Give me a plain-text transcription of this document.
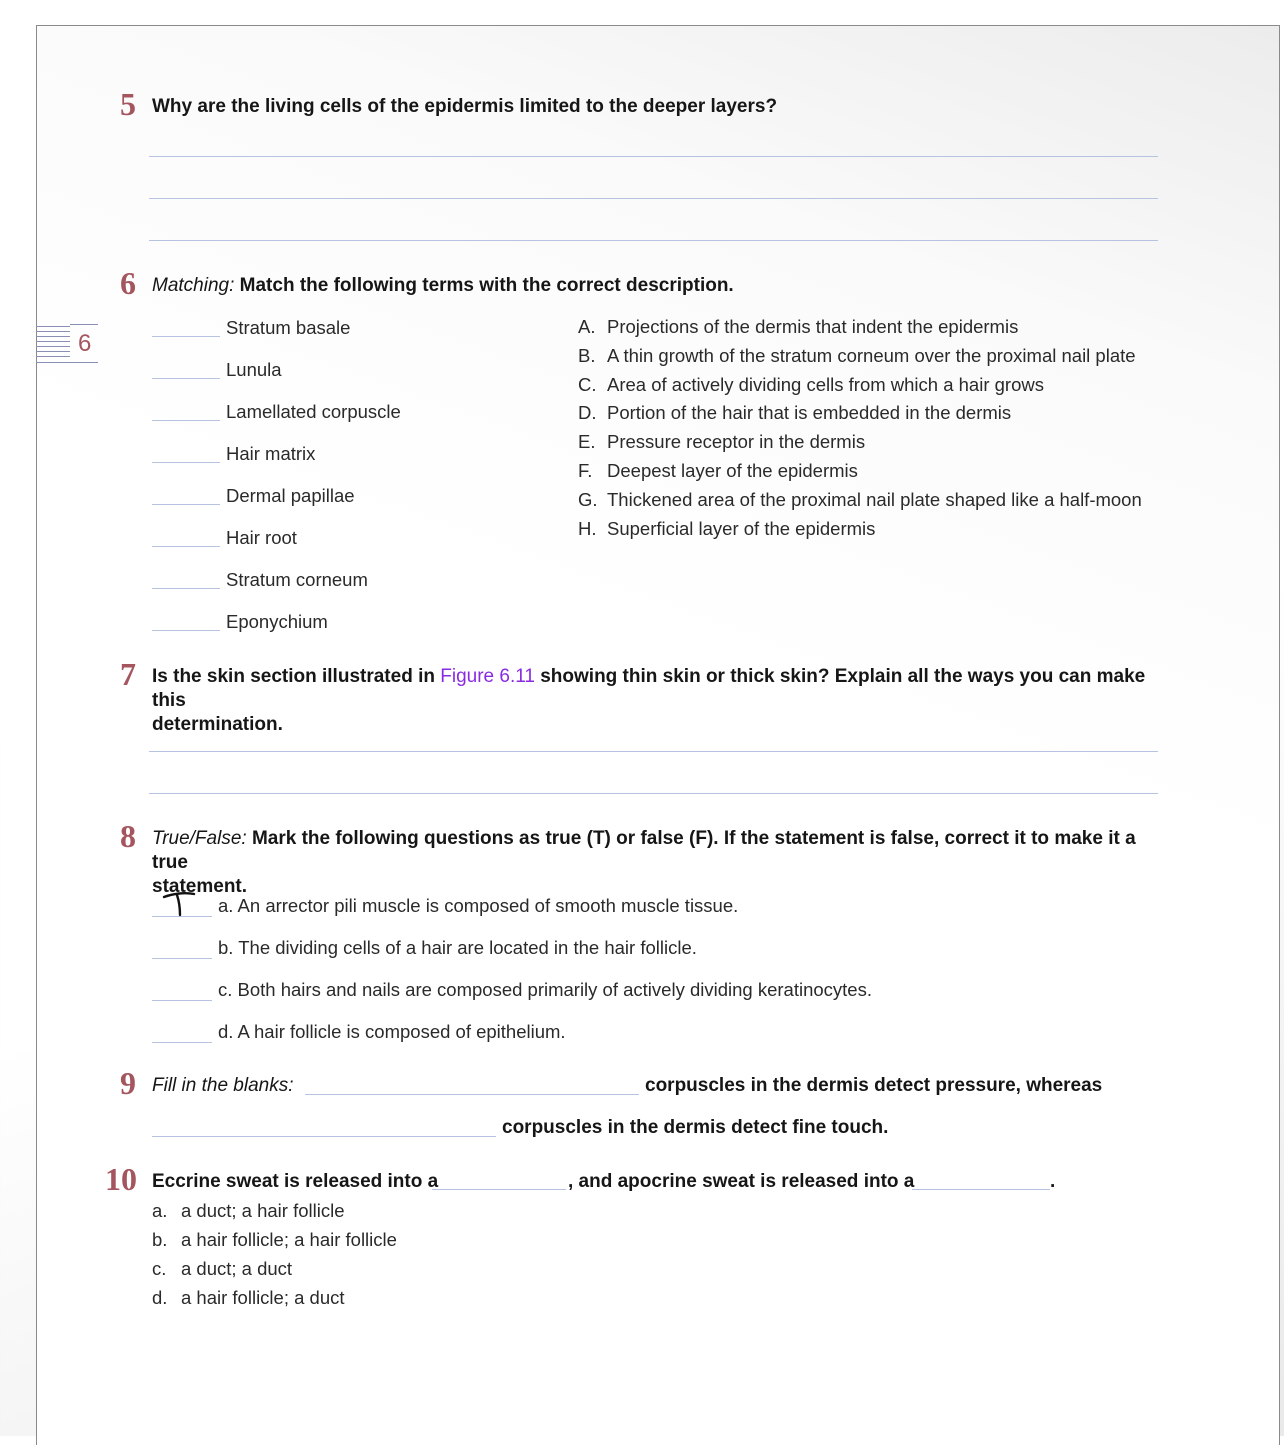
5 Why are the living cells of the epidermis limited to the deeper layers?
6 Matching: Match the following terms with the correct description.
6
Stratum basale
Lunula
Lamellated corpuscle
Hair matrix
Dermal papillae
Hair root
Stratum corneum
Eponychium
A. Projections of the dermis that indent the epidermis
B. A thin growth of the stratum corneum over the proximal nail plate
C. Area of actively dividing cells from which a hair grows
D. Portion of the hair that is embedded in the dermis
E. Pressure receptor in the dermis
F. Deepest layer of the epidermis
G. Thickened area of the proximal nail plate shaped like a half-moon
H. Superficial layer of the epidermis
7 Is the skin section illustrated in Figure 6.11 showing thin skin or thick skin? Explain all the ways you can make this
determination.
8 True/False: Mark the following questions as true (T) or false (F). If the statement is false, correct it to make it a true
statement.
a. An arrector pili muscle is composed of smooth muscle tissue.
b. The dividing cells of a hair are located in the hair follicle.
c. Both hairs and nails are composed primarily of actively dividing keratinocytes.
d. A hair follicle is composed of epithelium.
9 Fill in the blanks:	corpuscles in the dermis detect pressure, whereas
corpuscles in the dermis detect fine touch.
10 Eccrine sweat is released into a	, and apocrine sweat is released into a	.
a. a duct; a hair follicle
b. a hair follicle; a hair follicle
c. a duct; a duct
d. a hair follicle; a duct
